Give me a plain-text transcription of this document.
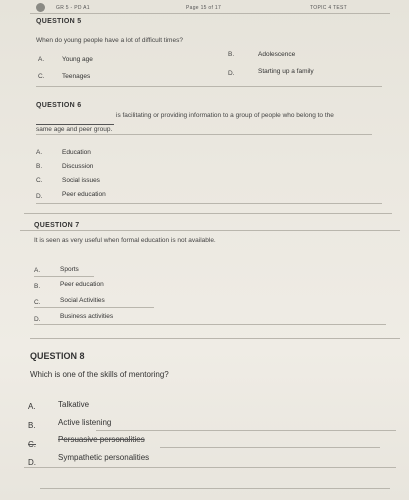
GR 5 - PD A1	Page 15 of 17	TOPIC 4 TEST
QUESTION 5
When do young people have a lot of difficult times?
A.	Young age
B.	Adolescence
C.	Teenages	D.	Starting up a family
QUESTION 6
is facilitating or providing information to a group of people who belong to the
same age and peer group.
A.	Education
B.	Discussion
C.	Social issues
D.	Peer education
QUESTION 7
It is seen as very useful when formal education is not available.
A.	Sports
B.	Peer education
C.	Social Activities
D.	Business activities
QUESTION 8
Which is one of the skills of mentoring?
A.	Talkative
B.	Active listening
C.
Persuasive personalities
D.
Sympathetic personalities
